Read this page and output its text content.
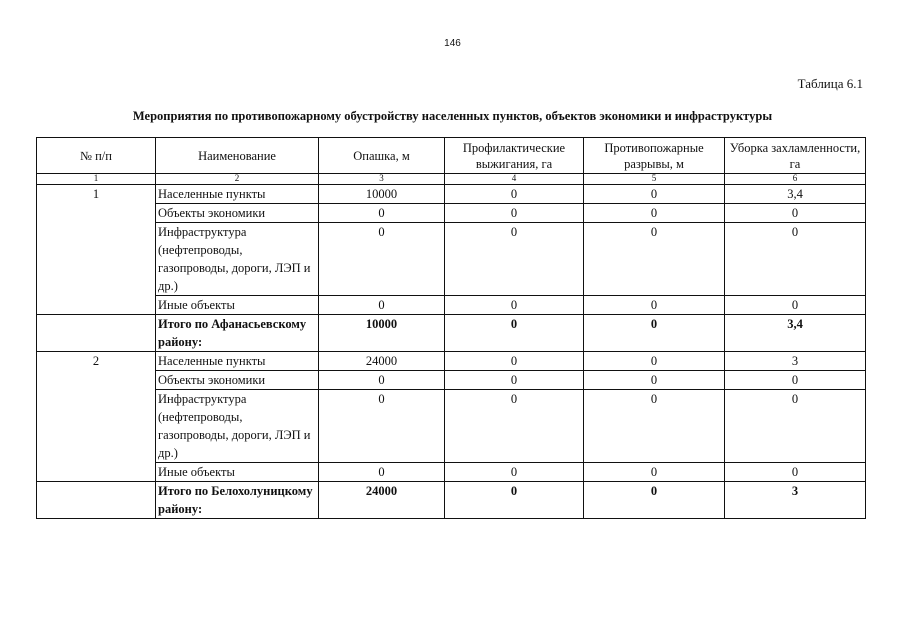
146
Таблица 6.1
Мероприятия по противопожарному обустройству населенных пунктов, объектов экономики и инфраструктуры
№ п/п	Наименование	Опашка, м	Профилактические выжигания, га	Противопожарные разрывы, м	Уборка захламленности, га
1	2	3	4	5	6
1	Населенные пункты	10000	0	0	3,4
	Объекты экономики	0	0	0	0
	Инфраструктура (нефтепроводы, газопроводы, дороги, ЛЭП и др.)	0	0	0	0
	Иные объекты	0	0	0	0
	Итого по Афанасьевскому району:	10000	0	0	3,4
2	Населенные пункты	24000	0	0	3
	Объекты экономики	0	0	0	0
	Инфраструктура (нефтепроводы, газопроводы, дороги, ЛЭП и др.)	0	0	0	0
	Иные объекты	0	0	0	0
	Итого по Белохолуницкому району:	24000	0	0	3
